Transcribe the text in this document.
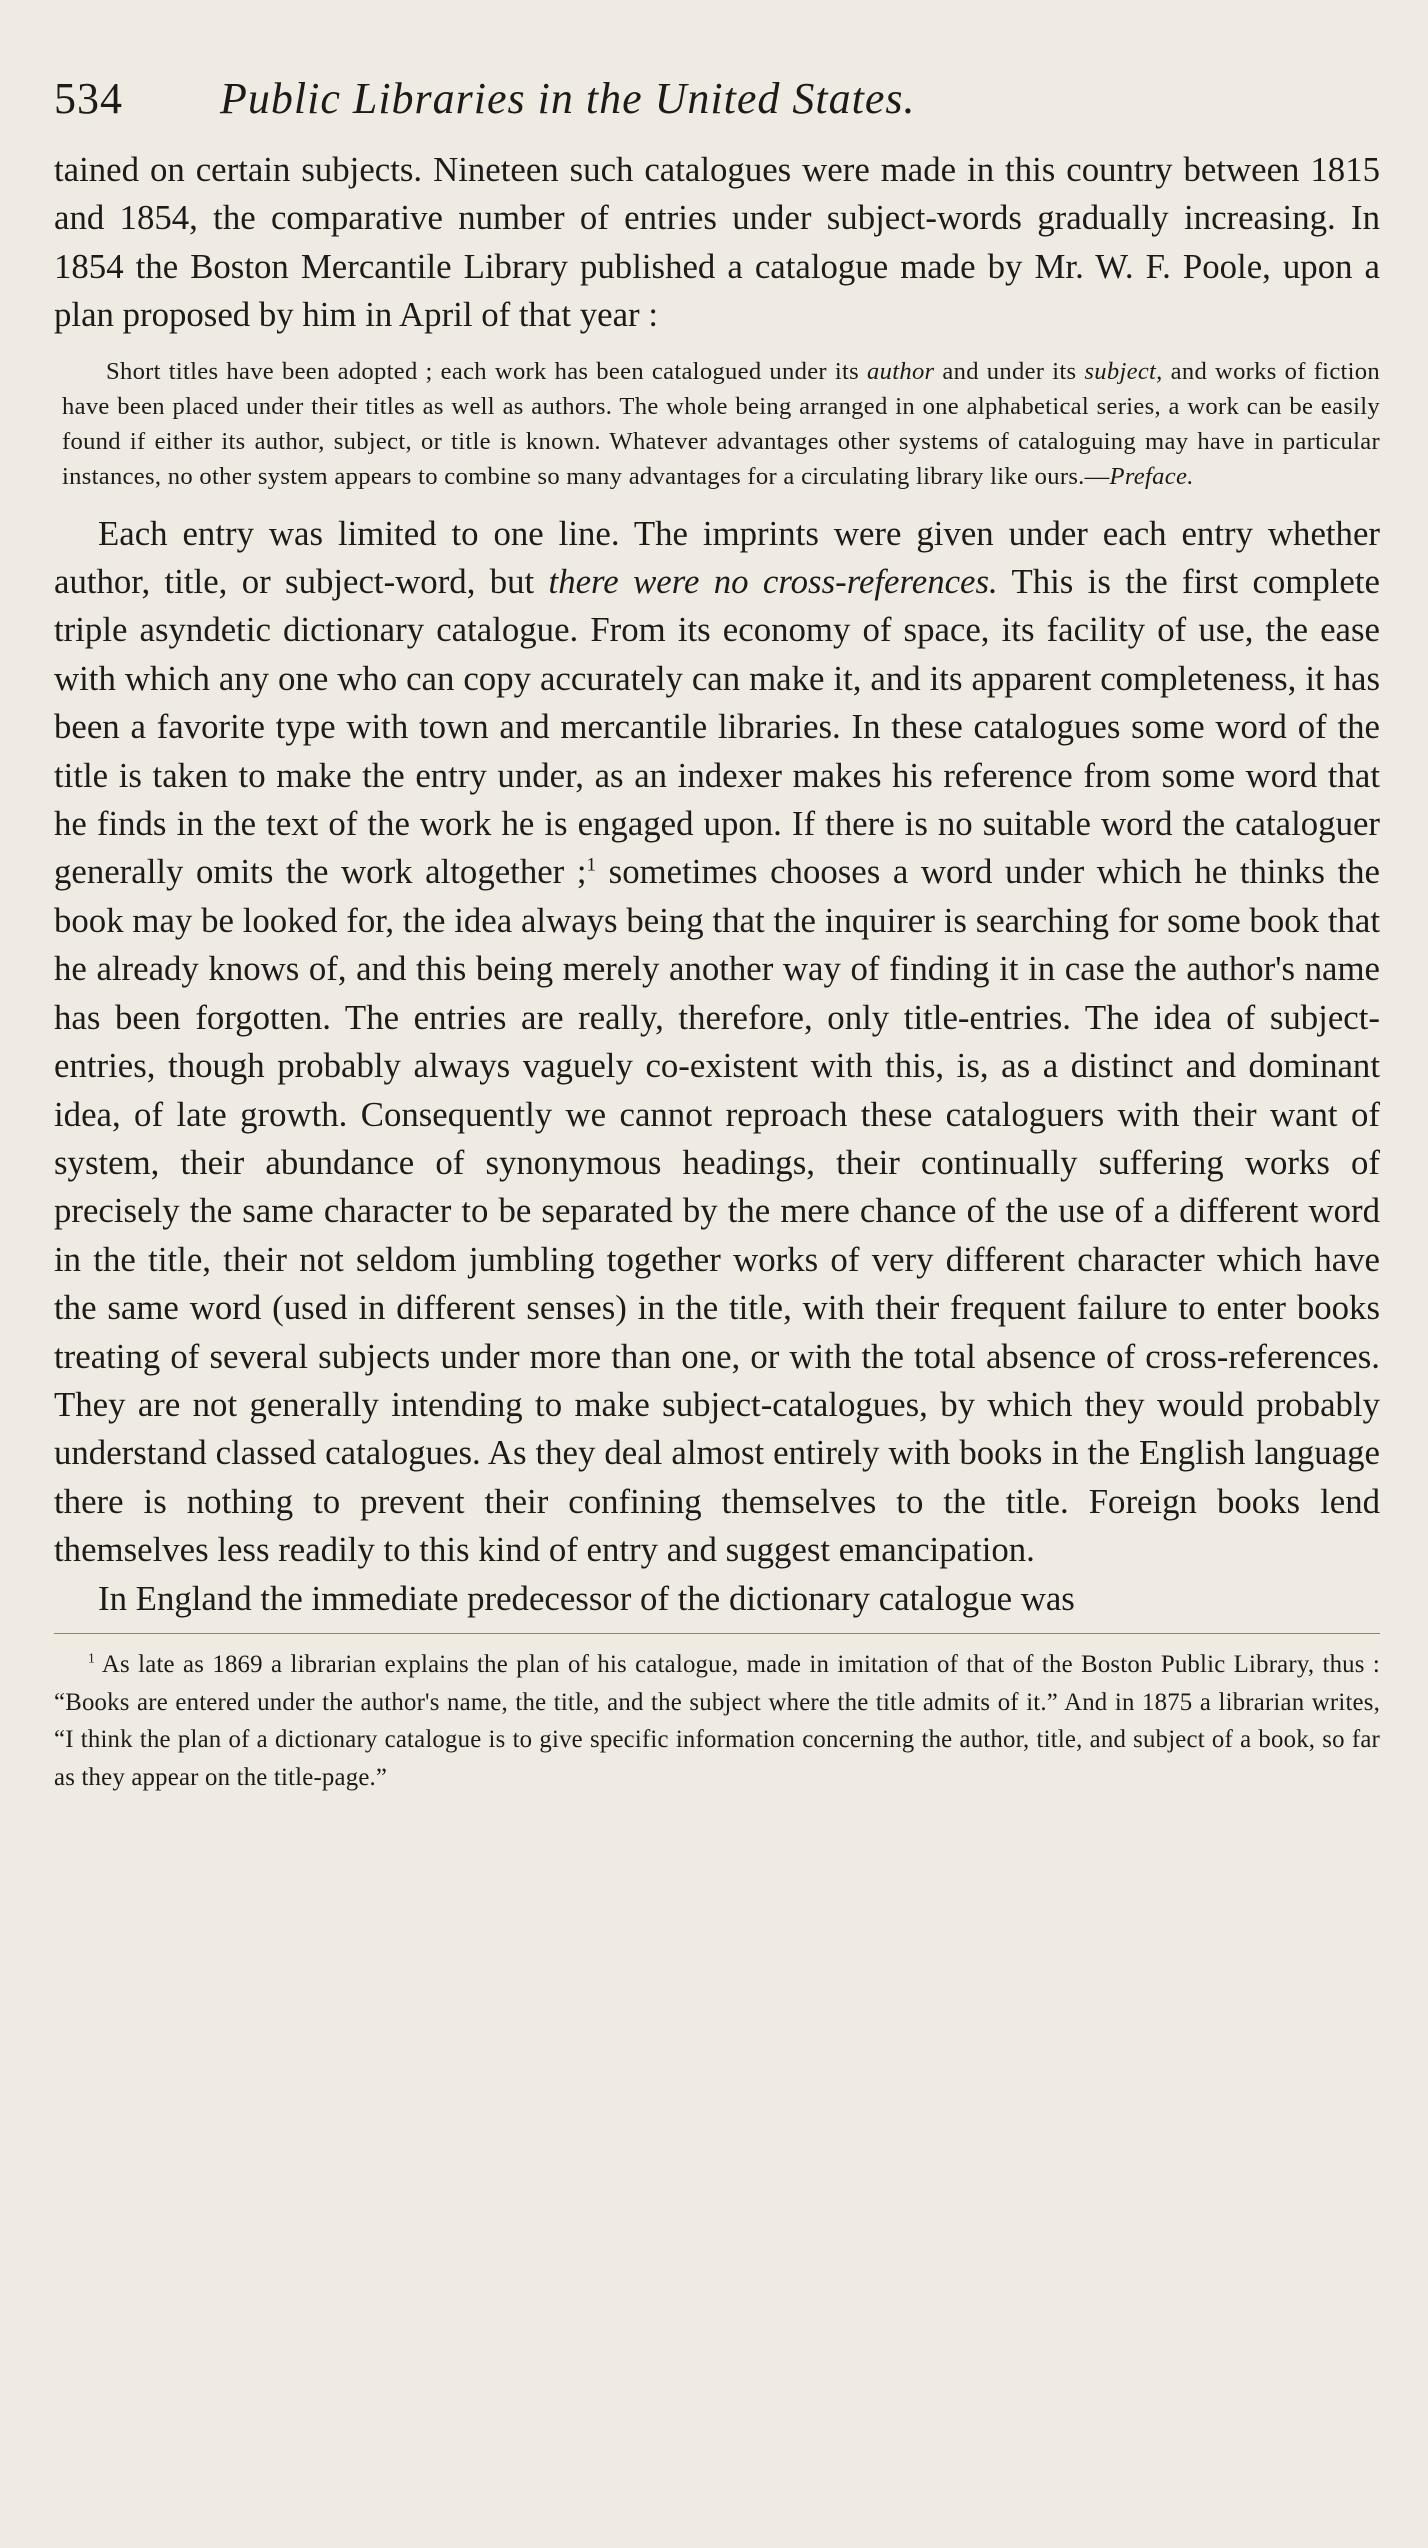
534	Public Libraries in the United States.

tained on certain subjects. Nineteen such catalogues were made in this country between 1815 and 1854, the comparative number of entries under subject-words gradually increasing. In 1854 the Boston Mercantile Library published a catalogue made by Mr. W. F. Poole, upon a plan proposed by him in April of that year :

Short titles have been adopted ; each work has been catalogued under its author and under its subject, and works of fiction have been placed under their titles as well as authors. The whole being arranged in one alphabetical series, a work can be easily found if either its author, subject, or title is known. Whatever advantages other systems of cataloguing may have in particular instances, no other system appears to combine so many advantages for a circulating library like ours.—Preface.

Each entry was limited to one line. The imprints were given under each entry whether author, title, or subject-word, but there were no cross-references. This is the first complete triple asyndetic dictionary catalogue. From its economy of space, its facility of use, the ease with which any one who can copy accurately can make it, and its apparent completeness, it has been a favorite type with town and mercantile libraries. In these catalogues some word of the title is taken to make the entry under, as an indexer makes his reference from some word that he finds in the text of the work he is engaged upon. If there is no suitable word the cataloguer generally omits the work altogether ;$^1$ sometimes chooses a word under which he thinks the book may be looked for, the idea always being that the inquirer is searching for some book that he already knows of, and this being merely another way of finding it in case the author's name has been forgotten. The entries are really, therefore, only title-entries. The idea of subject-entries, though probably always vaguely co-existent with this, is, as a distinct and dominant idea, of late growth. Consequently we cannot reproach these cataloguers with their want of system, their abundance of synonymous headings, their continually suffering works of precisely the same character to be separated by the mere chance of the use of a different word in the title, their not seldom jumbling together works of very different character which have the same word (used in different senses) in the title, with their frequent failure to enter books treating of several subjects under more than one, or with the total absence of cross-references. They are not generally intending to make subject-catalogues, by which they would probably understand classed catalogues. As they deal almost entirely with books in the English language there is nothing to prevent their confining themselves to the title. Foreign books lend themselves less readily to this kind of entry and suggest emancipation.

In England the immediate predecessor of the dictionary catalogue was

$^1$ As late as 1869 a librarian explains the plan of his catalogue, made in imitation of that of the Boston Public Library, thus : “Books are entered under the author's name, the title, and the subject where the title admits of it.” And in 1875 a librarian writes, “I think the plan of a dictionary catalogue is to give specific information concerning the author, title, and subject of a book, so far as they appear on the title-page.”
